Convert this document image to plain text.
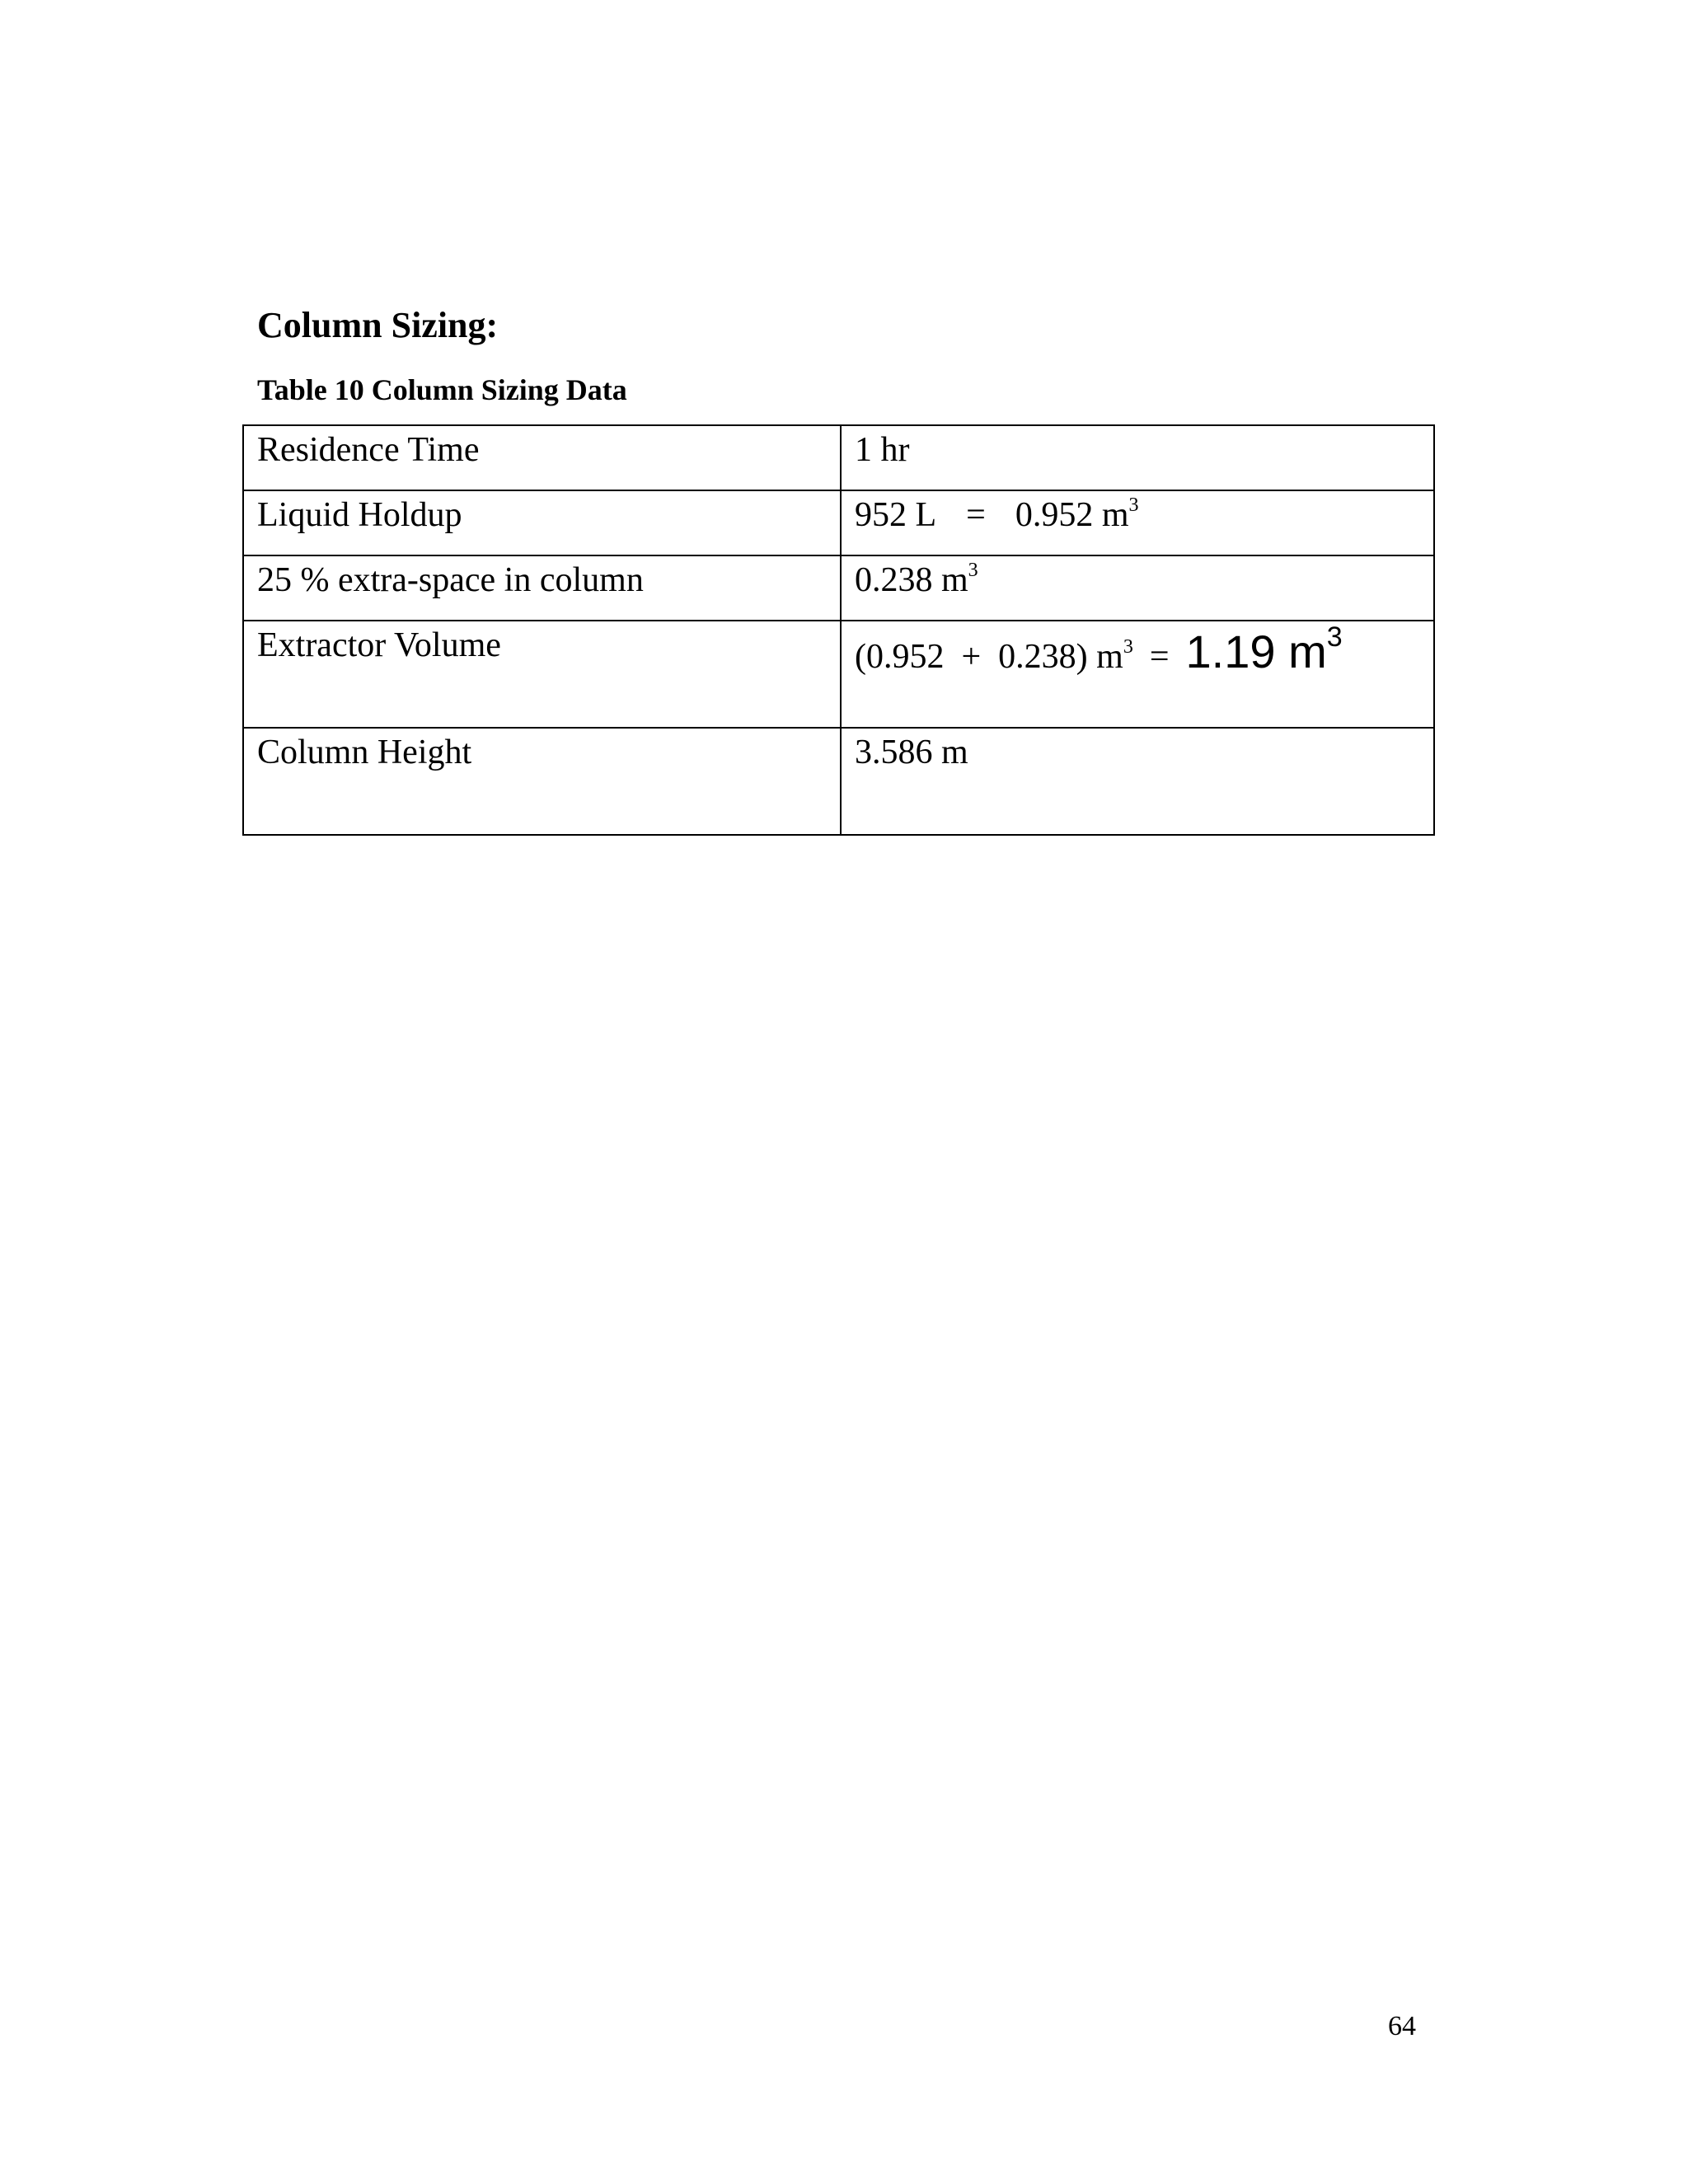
Column Sizing:
Table 10 Column Sizing Data
Residence Time	1 hr
Liquid Holdup	952 L = 0.952 $m^3$
25 % extra-space in column	0.238 $m^3$
Extractor Volume	(0.952  +  0.238) $m^3 = 1.19$ $m^3$
Column Height	3.586 m
64
